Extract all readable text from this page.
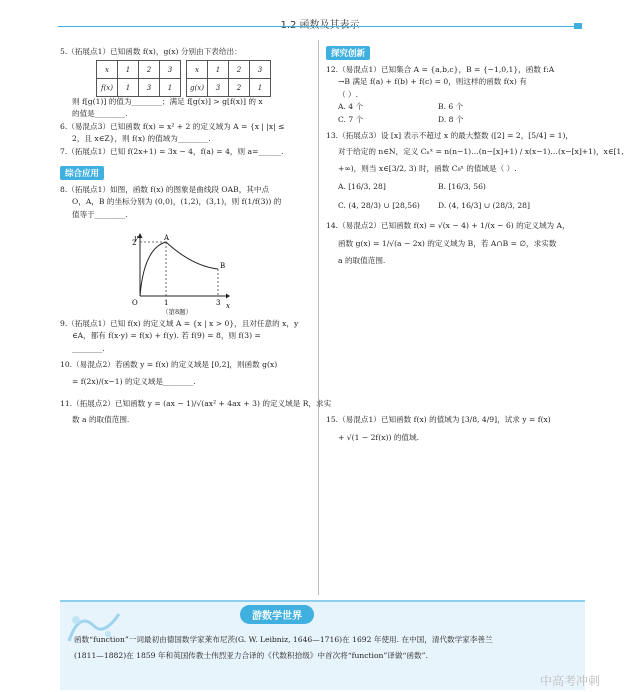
1.2 函数及其表示

5.（拓展点1）已知函数 f(x)，g(x) 分别由下表给出：

x	1	2	3
f(x)	1	3	1
x	1	2	3
g(x)	3	2	1

则 f[g(1)] 的值为________；满足 f[g(x)] > g[f(x)] 的 x

的值是________.

6.（易混点3）已知函数 f(x) = x² + 2 的定义域为 A = {x | |x| ≤

2，且 x∈Z}，则 f(x) 的值域为________.

7.（拓展点1）已知 f(2x+1) = 3x − 4，f(a) = 4，则 a=______.

综合应用

8.（拓展点1）如图，函数 f(x) 的图象是曲线段 OAB，其中点

O，A，B 的坐标分别为 (0,0)，(1,2)，(3,1)，则 f(1/f(3)) 的

值等于________.

y
x
A
B
O	1	3
2
（第8题）

9.（拓展点1）已知 f(x) 的定义域 A = {x | x > 0}，且对任意的 x，y

∈A，都有 f(x·y) = f(x) + f(y). 若 f(9) = 8，则 f(3) =

________.

10.（易混点2）若函数 y = f(x) 的定义域是 [0,2]，则函数 g(x)

= f(2x)/(x−1) 的定义域是________.

11.（拓展点2）已知函数 y = (ax − 1)/√(ax² + 4ax + 3) 的定义域是 R，求实

数 a 的取值范围.

探究创新

12.（易混点1）已知集合 A = {a,b,c}，B = {−1,0,1}，函数 f:A

→B 满足 f(a) + f(b) + f(c) = 0，则这样的函数 f(x) 有

（ ）.

A. 4 个	B. 6 个

C. 7 个	D. 8 个

13.（拓展点3）设 [x] 表示不超过 x 的最大整数 ([2] = 2，[5/4] = 1)，

对于给定的 n∈N，定义 Cₙˣ = n(n−1)…(n−[x]+1) / x(x−1)…(x−[x]+1)，x∈[1,

+∞)，则当 x∈[3/2, 3) 时，函数 C₈ˣ 的值域是（ ）.

A. [16/3, 28]	B. [16/3, 56)

C. (4, 28/3) ∪ [28,56) D. (4, 16/3] ∪ (28/3, 28]

14.（易混点2）已知函数 f(x) = √(x − 4) + 1/(x − 6) 的定义域为 A，

函数 g(x) = 1/√(a − 2x) 的定义域为 B，若 A∩B = ∅，求实数

a 的取值范围.

15.（易混点1）已知函数 f(x) 的值域为 [3/8, 4/9]，试求 y = f(x)

+ √(1 − 2f(x)) 的值域.

游数学世界
函数“function”一词最初由德国数学家莱布尼茨(G. W. Leibniz, 1646—1716)在 1692 年使用. 在中国，清代数学家李善兰
(1811—1882)在 1859 年和英国传教士伟烈亚力合译的《代数积拾级》中首次将“function”译做“函数”.
中高考冲刺
